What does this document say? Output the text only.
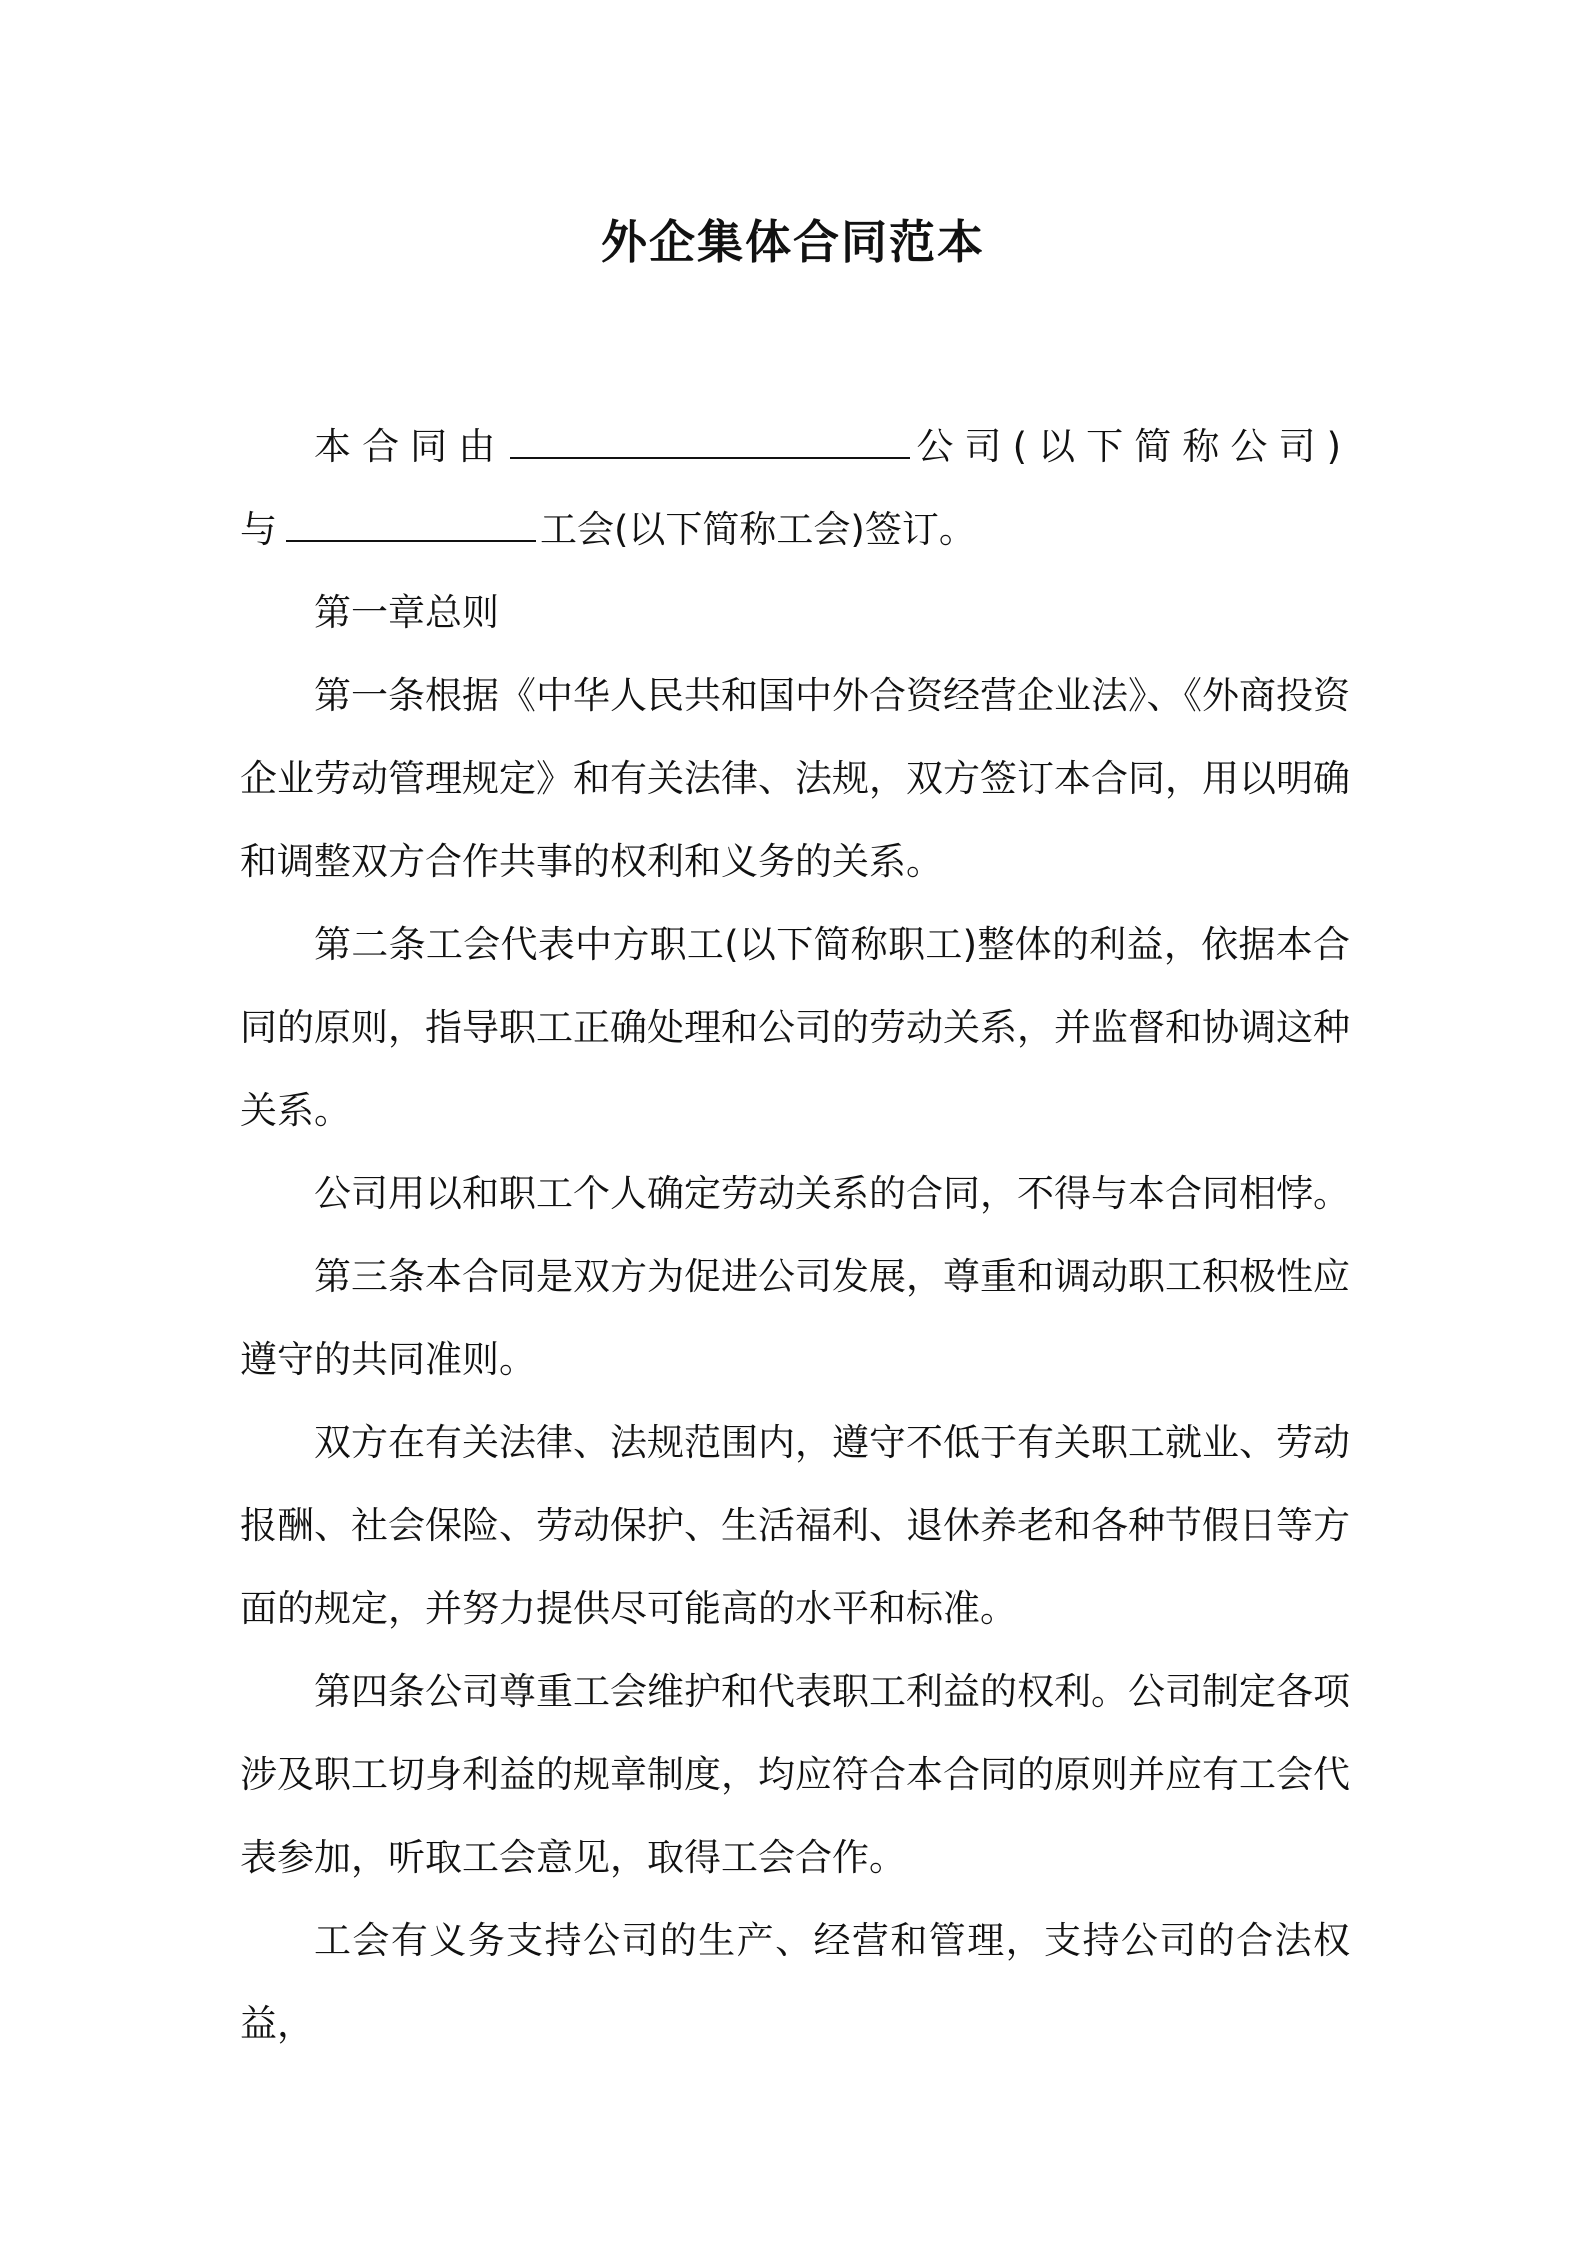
外企集体合同范本

本合同由	公司(以下简称公司)与	工会(以下简称工会)签订。

第一章总则

第一条根据《中华人民共和国中外合资经营企业法》、《外商投资企业劳动管理规定》和有关法律、法规，双方签订本合同，用以明确和调整双方合作共事的权利和义务的关系。

第二条工会代表中方职工(以下简称职工)整体的利益，依据本合同的原则，指导职工正确处理和公司的劳动关系，并监督和协调这种关系。

公司用以和职工个人确定劳动关系的合同，不得与本合同相悖。

第三条本合同是双方为促进公司发展，尊重和调动职工积极性应遵守的共同准则。

双方在有关法律、法规范围内，遵守不低于有关职工就业、劳动报酬、社会保险、劳动保护、生活福利、退休养老和各种节假日等方面的规定，并努力提供尽可能高的水平和标准。

第四条公司尊重工会维护和代表职工利益的权利。公司制定各项涉及职工切身利益的规章制度，均应符合本合同的原则并应有工会代表参加，听取工会意见，取得工会合作。

工会有义务支持公司的生产、经营和管理，支持公司的合法权益，
